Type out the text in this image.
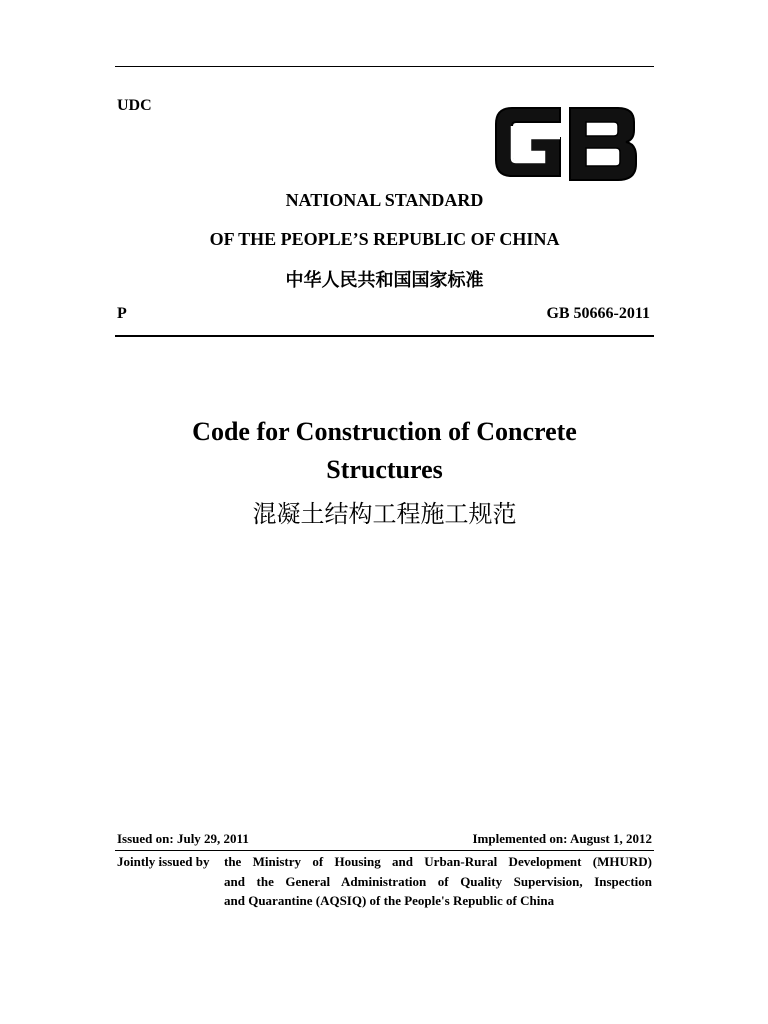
UDC
NATIONAL STANDARD
OF THE PEOPLE’S REPUBLIC OF CHINA
中华人民共和国国家标准
P	GB 50666-2011
Code for Construction of Concrete
Structures
混凝土结构工程施工规范
Issued on: July 29, 2011	Implemented on: August 1, 2012
Jointly issued by the Ministry of Housing and Urban-Rural Development (MHURD)
and the General Administration of Quality Supervision, Inspection
and Quarantine (AQSIQ) of the People's Republic of China
